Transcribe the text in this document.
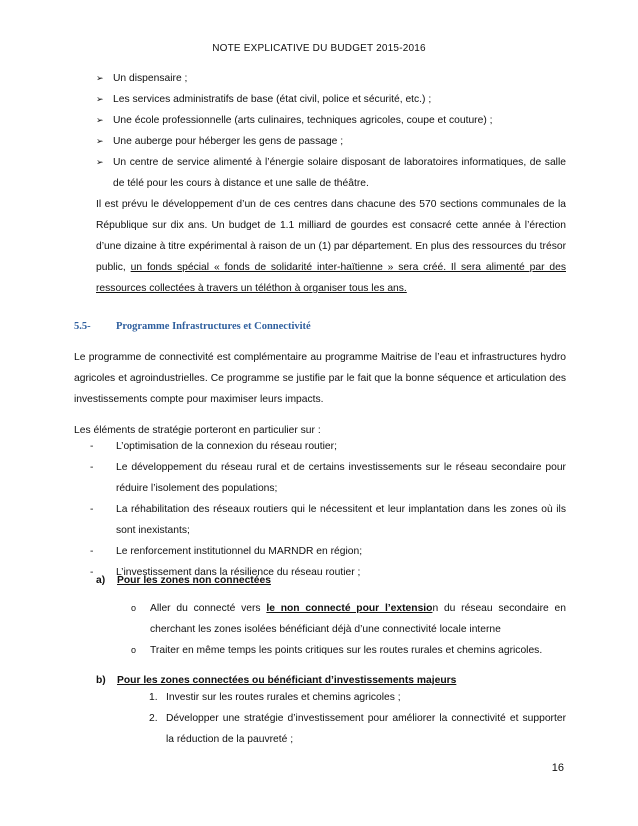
NOTE EXPLICATIVE DU BUDGET 2015-2016
➢ Un dispensaire ;
➢ Les services administratifs de base (état civil, police et sécurité, etc.) ;
➢ Une école professionnelle (arts culinaires, techniques agricoles, coupe et couture) ;
➢ Une auberge pour héberger les gens de passage ;
➢ Un centre de service alimenté à l’énergie solaire disposant de laboratoires informatiques, de salle de télé pour les cours à distance et une salle de théâtre.
Il est prévu le développement d’un de ces centres dans chacune des 570 sections communales de la République sur dix ans. Un budget de 1.1 milliard de gourdes est consacré cette année à l’érection d’une dizaine à titre expérimental à raison de un (1) par département. En plus des ressources du trésor public, un fonds spécial « fonds de solidarité inter-haïtienne » sera créé. Il sera alimenté par des ressources collectées à travers un téléthon à organiser tous les ans.
5.5- Programme Infrastructures et Connectivité
Le programme de connectivité est complémentaire au programme Maitrise de l’eau et infrastructures hydro agricoles et agroindustrielles. Ce programme se justifie par le fait que la bonne séquence et articulation des investissements compte pour maximiser leurs impacts.
Les éléments de stratégie porteront en particulier sur :
- L’optimisation de la connexion du réseau routier;
- Le développement du réseau rural et de certains investissements sur le réseau secondaire pour réduire l’isolement des populations;
- La réhabilitation des réseaux routiers qui le nécessitent et leur implantation dans les zones où ils sont inexistants;
- Le renforcement institutionnel du MARNDR en région;
- L’investissement dans la résilience du réseau routier ;
a) Pour les zones non connectées
o Aller du connecté vers le non connecté pour l’extension du réseau secondaire en cherchant les zones isolées bénéficiant déjà d’une connectivité locale interne
o Traiter en même temps les points critiques sur les routes rurales et chemins agricoles.
b) Pour les zones connectées ou bénéficiant d’investissements majeurs
1. Investir sur les routes rurales et chemins agricoles ;
2. Développer une stratégie d’investissement pour améliorer la connectivité et supporter la réduction de la pauvreté ;
16
